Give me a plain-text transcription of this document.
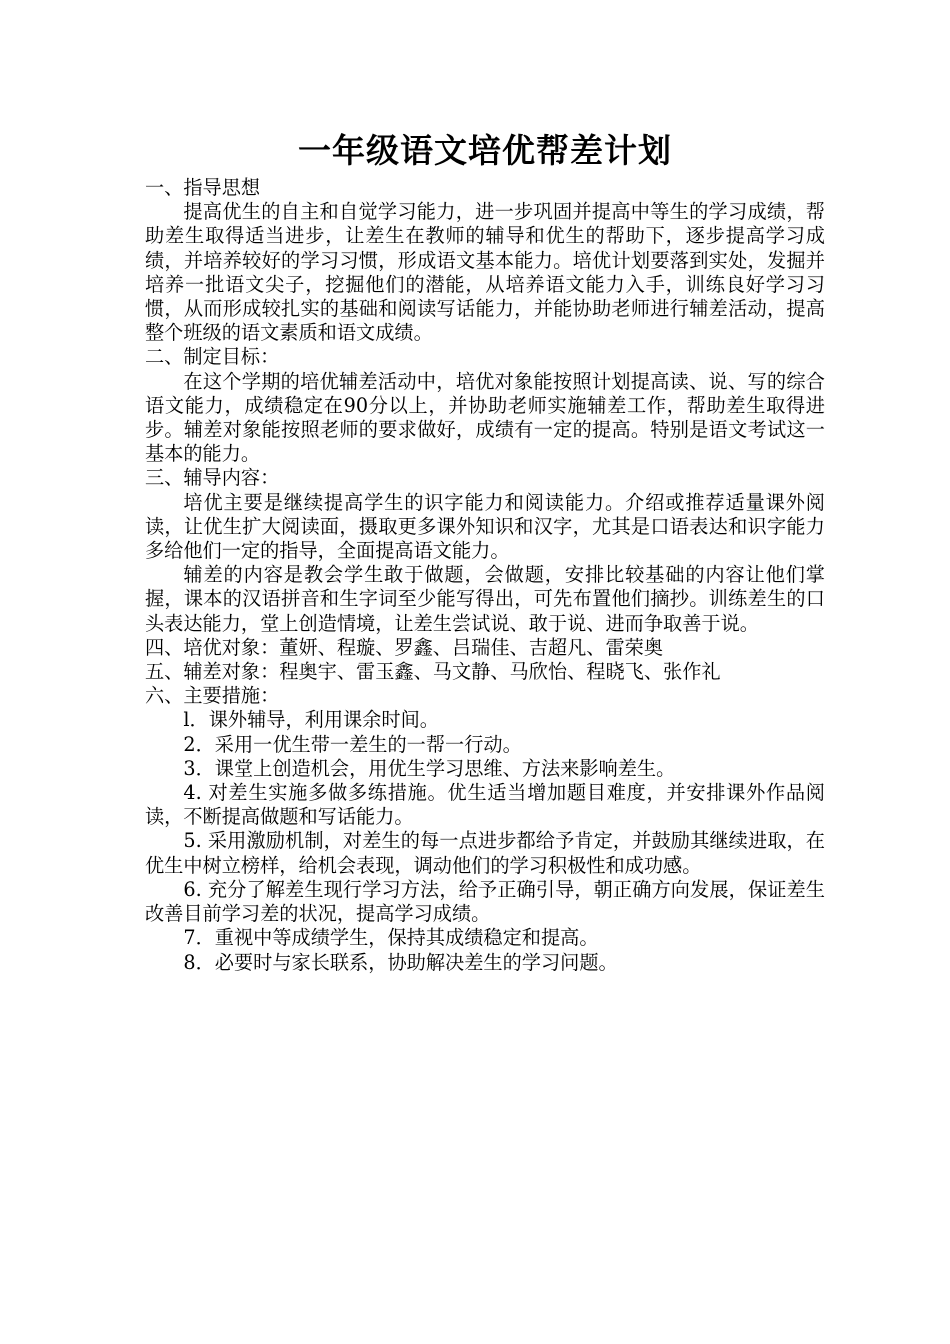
一年级语文培优帮差计划

一、指导思想

提高优生的自主和自觉学习能力，进一步巩固并提高中等生的学习成绩，帮助差生取得适当进步，让差生在教师的辅导和优生的帮助下，逐步提高学习成绩，并培养较好的学习习惯，形成语文基本能力。培优计划要落到实处，发掘并培养一批语文尖子，挖掘他们的潜能，从培养语文能力入手，训练良好学习习惯，从而形成较扎实的基础和阅读写话能力，并能协助老师进行辅差活动，提高整个班级的语文素质和语文成绩。

二、制定目标：

在这个学期的培优辅差活动中，培优对象能按照计划提高读、说、写的综合语文能力，成绩稳定在90分以上，并协助老师实施辅差工作，帮助差生取得进步。辅差对象能按照老师的要求做好，成绩有一定的提高。特别是语文考试这一基本的能力。

三、辅导内容：

培优主要是继续提高学生的识字能力和阅读能力。介绍或推荐适量课外阅读，让优生扩大阅读面，摄取更多课外知识和汉字，尤其是口语表达和识字能力多给他们一定的指导，全面提高语文能力。

辅差的内容是教会学生敢于做题，会做题，安排比较基础的内容让他们掌握，课本的汉语拼音和生字词至少能写得出，可先布置他们摘抄。训练差生的口头表达能力，堂上创造情境，让差生尝试说、敢于说、进而争取善于说。

四、培优对象：董妍、程璇、罗鑫、吕瑞佳、吉超凡、雷荣奥

五、辅差对象：程奥宇、雷玉鑫、马文静、马欣怡、程晓飞、张作礼

六、主要措施：

l．课外辅导，利用课余时间。

2．采用一优生带一差生的一帮一行动。

3．课堂上创造机会，用优生学习思维、方法来影响差生。

4. 对差生实施多做多练措施。优生适当增加题目难度，并安排课外作品阅读，不断提高做题和写话能力。

5. 采用激励机制，对差生的每一点进步都给予肯定，并鼓励其继续进取，在优生中树立榜样，给机会表现，调动他们的学习积极性和成功感。

6. 充分了解差生现行学习方法，给予正确引导，朝正确方向发展，保证差生改善目前学习差的状况，提高学习成绩。

7．重视中等成绩学生，保持其成绩稳定和提高。

8．必要时与家长联系，协助解决差生的学习问题。
